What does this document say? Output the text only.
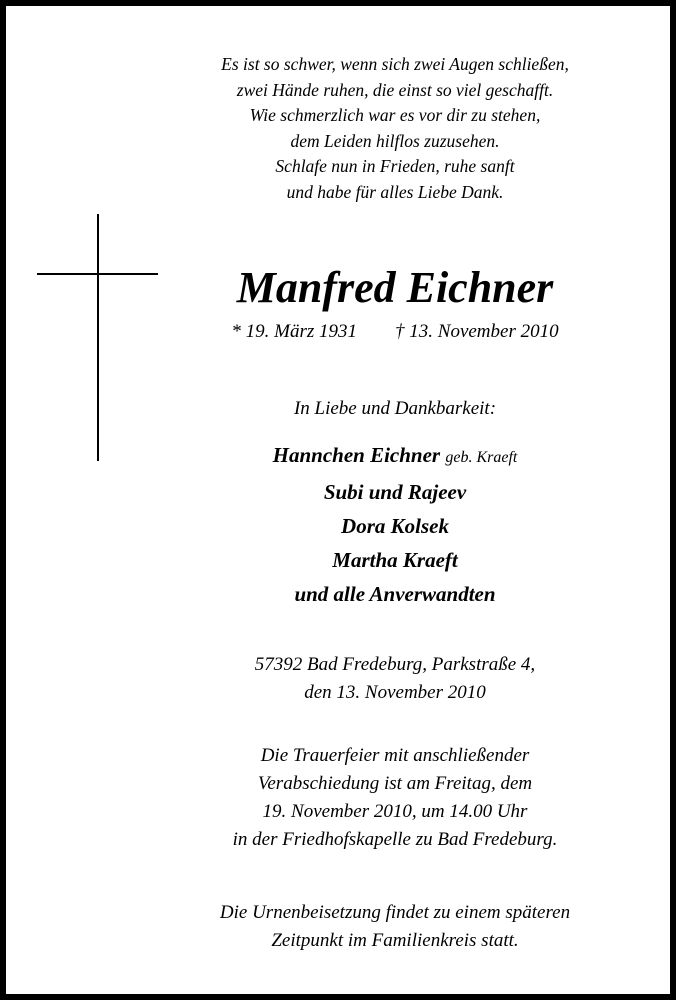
Es ist so schwer, wenn sich zwei Augen schließen,
zwei Hände ruhen, die einst so viel geschafft.
Wie schmerzlich war es vor dir zu stehen,
dem Leiden hilflos zuzusehen.
Schlafe nun in Frieden, ruhe sanft
und habe für alles Liebe Dank.
Manfred Eichner
* 19. März 1931 † 13. November 2010
In Liebe und Dankbarkeit:
Hannchen Eichner geb. Kraeft
Subi und Rajeev
Dora Kolsek
Martha Kraeft
und alle Anverwandten
57392 Bad Fredeburg, Parkstraße 4,
den 13. November 2010
Die Trauerfeier mit anschließender
Verabschiedung ist am Freitag, dem
19. November 2010, um 14.00 Uhr
in der Friedhofskapelle zu Bad Fredeburg.
Die Urnenbeisetzung findet zu einem späteren
Zeitpunkt im Familienkreis statt.
